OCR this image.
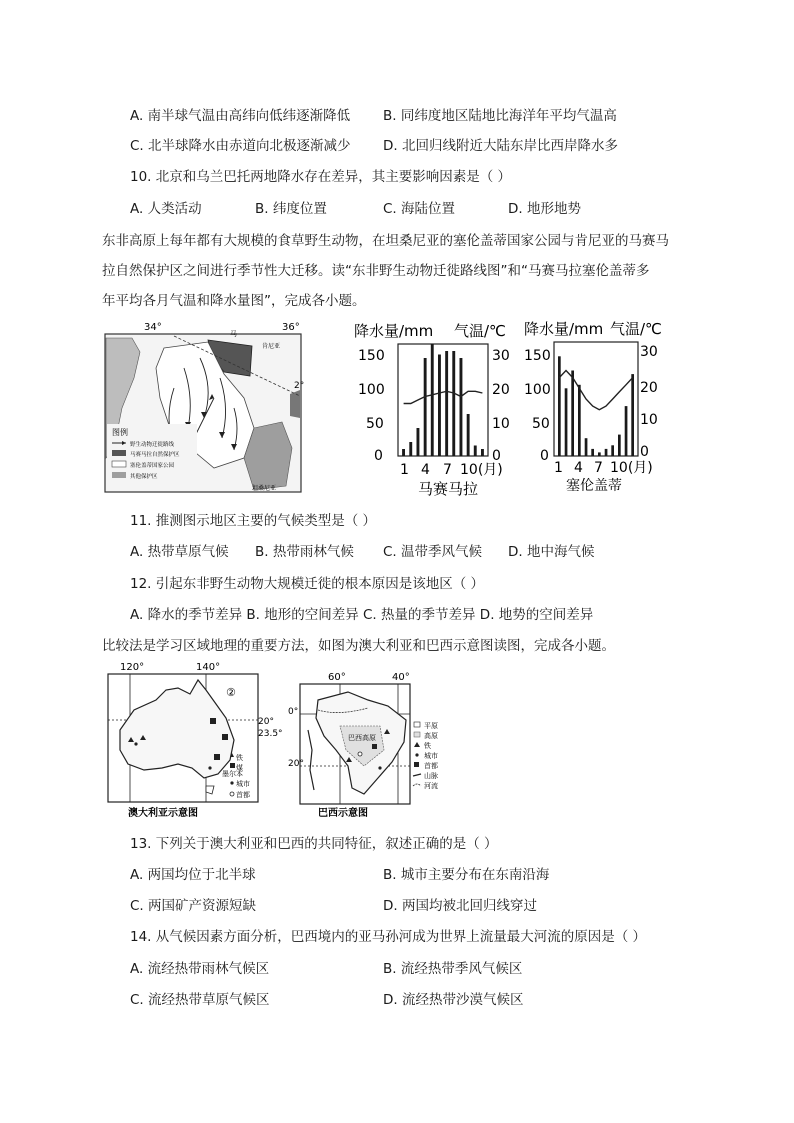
A. 南半球气温由高纬向低纬逐渐降低 B. 同纬度地区陆地比海洋年平均气温高
C. 北半球降水由赤道向北极逐渐减少 D. 北回归线附近大陆东岸比西岸降水多
10. 北京和乌兰巴托两地降水存在差异，其主要影响因素是（ ）
A. 人类活动	B. 纬度位置	C. 海陆位置	D. 地形地势
东非高原上每年都有大规模的食草野生动物，在坦桑尼亚的塞伦盖蒂国家公园与肯尼亚的马赛马
拉自然保护区之间进行季节性大迁移。读“东非野生动物迁徙路线图”和“马赛马拉塞伦盖蒂多
年平均各月气温和降水量图”，完成各小题。
34°	36°
2°
马
肯尼亚
坦桑尼亚
图例
野生动物迁徙路线
马赛马拉自然保护区
塞伦盖蒂国家公园
其他保护区
降水量/mm 气温/℃ 降水量/mm 气温/℃
150
100
50
0
30
20
10
0
1 4 7 10(月)
马赛马拉
150
100
50
0
30
20
10
0
1 4 7 10(月)
塞伦盖蒂
11. 推测图示地区主要的气候类型是（ ）
A. 热带草原气候 B. 热带雨林气候 C. 温带季风气候 D. 地中海气候
12. 引起东非野生动物大规模迁徙的根本原因是该地区（ ）
A. 降水的季节差异 B. 地形的空间差异 C. 热量的季节差异 D. 地势的空间差异
比较法是学习区域地理的重要方法，如图为澳大利亚和巴西示意图读图，完成各小题。
120°	140°
②
20°
23.5°
墨尔本
铁
煤
城市
首都
澳大利亚示意图
60°	40°
0°
20°
巴西高原
平原
高原
铁
城市
首都
山脉
河流
巴西示意图
13. 下列关于澳大利亚和巴西的共同特征，叙述正确的是（ ）
A. 两国均位于北半球	B. 城市主要分布在东南沿海
C. 两国矿产资源短缺	D. 两国均被北回归线穿过
14. 从气候因素方面分析，巴西境内的亚马孙河成为世界上流量最大河流的原因是（ ）
A. 流经热带雨林气候区	B. 流经热带季风气候区
C. 流经热带草原气候区	D. 流经热带沙漠气候区
